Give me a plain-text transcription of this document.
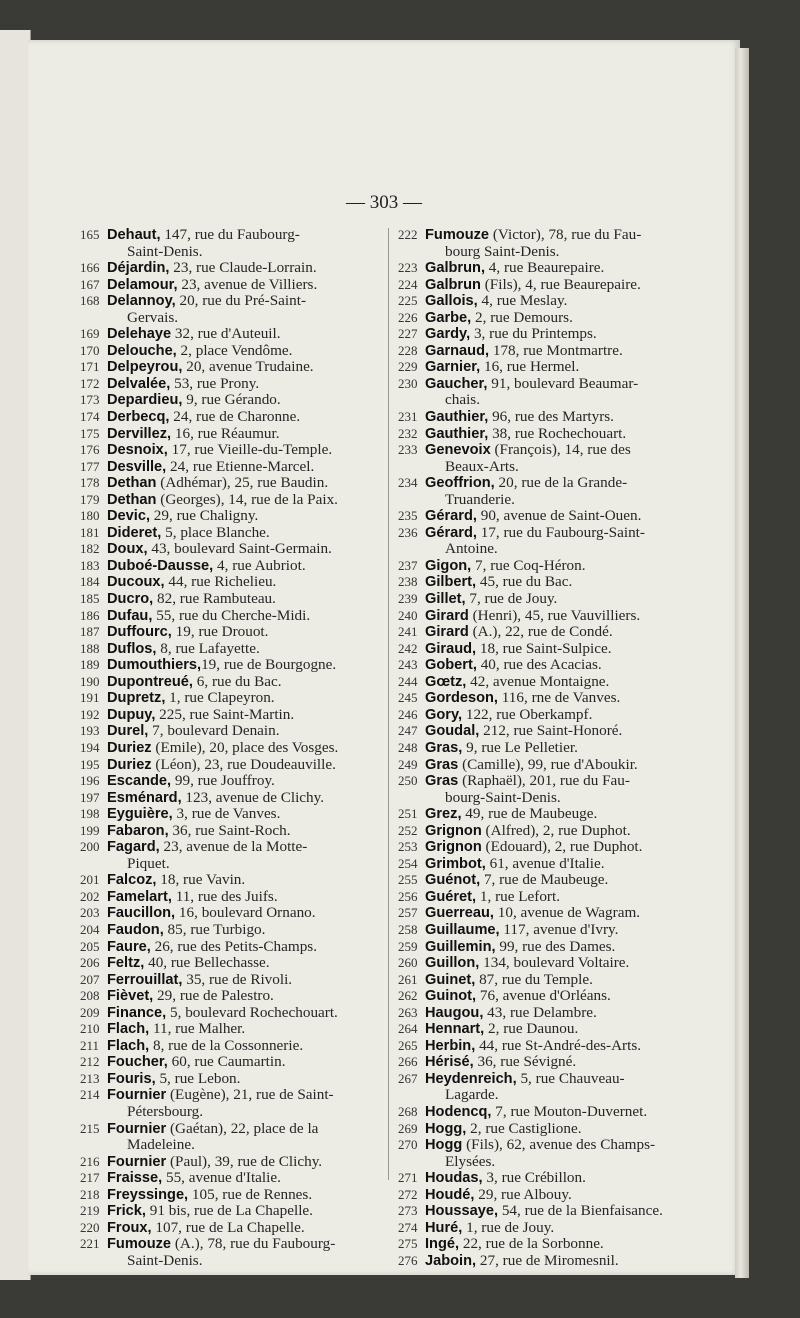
— 303 —
165 Dehaut, 147, rue du Faubourg-
Saint-Denis.
166 Déjardin, 23, rue Claude-Lorrain.
167 Delamour, 23, avenue de Villiers.
168 Delannoy, 20, rue du Pré-Saint-
Gervais.
169 Delehaye 32, rue d'Auteuil.
170 Delouche, 2, place Vendôme.
171 Delpeyrou, 20, avenue Trudaine.
172 Delvalée, 53, rue Prony.
173 Depardieu, 9, rue Gérando.
174 Derbecq, 24, rue de Charonne.
175 Dervillez, 16, rue Réaumur.
176 Desnoix, 17, rue Vieille-du-Temple.
177 Desville, 24, rue Etienne-Marcel.
178 Dethan (Adhémar), 25, rue Baudin.
179 Dethan (Georges), 14, rue de la Paix.
180 Devic, 29, rue Chaligny.
181 Dideret, 5, place Blanche.
182 Doux, 43, boulevard Saint-Germain.
183 Duboé-Dausse, 4, rue Aubriot.
184 Ducoux, 44, rue Richelieu.
185 Ducro, 82, rue Rambuteau.
186 Dufau, 55, rue du Cherche-Midi.
187 Duffourc, 19, rue Drouot.
188 Duflos, 8, rue Lafayette.
189 Dumouthiers,19, rue de Bourgogne.
190 Dupontreué, 6, rue du Bac.
191 Dupretz, 1, rue Clapeyron.
192 Dupuy, 225, rue Saint-Martin.
193 Durel, 7, boulevard Denain.
194 Duriez (Emile), 20, place des Vosges.
195 Duriez (Léon), 23, rue Doudeauville.
196 Escande, 99, rue Jouffroy.
197 Esménard, 123, avenue de Clichy.
198 Eyguière, 3, rue de Vanves.
199 Fabaron, 36, rue Saint-Roch.
200 Fagard, 23, avenue de la Motte-
Piquet.
201 Falcoz, 18, rue Vavin.
202 Famelart, 11, rue des Juifs.
203 Faucillon, 16, boulevard Ornano.
204 Faudon, 85, rue Turbigo.
205 Faure, 26, rue des Petits-Champs.
206 Feltz, 40, rue Bellechasse.
207 Ferrouillat, 35, rue de Rivoli.
208 Fièvet, 29, rue de Palestro.
209 Finance, 5, boulevard Rochechouart.
210 Flach, 11, rue Malher.
211 Flach, 8, rue de la Cossonnerie.
212 Foucher, 60, rue Caumartin.
213 Fouris, 5, rue Lebon.
214 Fournier (Eugène), 21, rue de Saint-
Pétersbourg.
215 Fournier (Gaétan), 22, place de la
Madeleine.
216 Fournier (Paul), 39, rue de Clichy.
217 Fraisse, 55, avenue d'Italie.
218 Freyssinge, 105, rue de Rennes.
219 Frick, 91 bis, rue de La Chapelle.
220 Froux, 107, rue de La Chapelle.
221 Fumouze (A.), 78, rue du Faubourg-
Saint-Denis.
222 Fumouze (Victor), 78, rue du Fau-
bourg Saint-Denis.
223 Galbrun, 4, rue Beaurepaire.
224 Galbrun (Fils), 4, rue Beaurepaire.
225 Gallois, 4, rue Meslay.
226 Garbe, 2, rue Demours.
227 Gardy, 3, rue du Printemps.
228 Garnaud, 178, rue Montmartre.
229 Garnier, 16, rue Hermel.
230 Gaucher, 91, boulevard Beaumar-
chais.
231 Gauthier, 96, rue des Martyrs.
232 Gauthier, 38, rue Rochechouart.
233 Genevoix (François), 14, rue des
Beaux-Arts.
234 Geoffrion, 20, rue de la Grande-
Truanderie.
235 Gérard, 90, avenue de Saint-Ouen.
236 Gérard, 17, rue du Faubourg-Saint-
Antoine.
237 Gigon, 7, rue Coq-Héron.
238 Gilbert, 45, rue du Bac.
239 Gillet, 7, rue de Jouy.
240 Girard (Henri), 45, rue Vauvilliers.
241 Girard (A.), 22, rue de Condé.
242 Giraud, 18, rue Saint-Sulpice.
243 Gobert, 40, rue des Acacias.
244 Gœtz, 42, avenue Montaigne.
245 Gordeson, 116, rne de Vanves.
246 Gory, 122, rue Oberkampf.
247 Goudal, 212, rue Saint-Honoré.
248 Gras, 9, rue Le Pelletier.
249 Gras (Camille), 99, rue d'Aboukir.
250 Gras (Raphaël), 201, rue du Fau-
bourg-Saint-Denis.
251 Grez, 49, rue de Maubeuge.
252 Grignon (Alfred), 2, rue Duphot.
253 Grignon (Edouard), 2, rue Duphot.
254 Grimbot, 61, avenue d'Italie.
255 Guénot, 7, rue de Maubeuge.
256 Guéret, 1, rue Lefort.
257 Guerreau, 10, avenue de Wagram.
258 Guillaume, 117, avenue d'Ivry.
259 Guillemin, 99, rue des Dames.
260 Guillon, 134, boulevard Voltaire.
261 Guinet, 87, rue du Temple.
262 Guinot, 76, avenue d'Orléans.
263 Haugou, 43, rue Delambre.
264 Hennart, 2, rue Daunou.
265 Herbin, 44, rue St-André-des-Arts.
266 Hérisé, 36, rue Sévigné.
267 Heydenreich, 5, rue Chauveau-
Lagarde.
268 Hodencq, 7, rue Mouton-Duvernet.
269 Hogg, 2, rue Castiglione.
270 Hogg (Fils), 62, avenue des Champs-
Elysées.
271 Houdas, 3, rue Crébillon.
272 Houdé, 29, rue Albouy.
273 Houssaye, 54, rue de la Bienfaisance.
274 Huré, 1, rue de Jouy.
275 Ingé, 22, rue de la Sorbonne.
276 Jaboin, 27, rue de Miromesnil.
